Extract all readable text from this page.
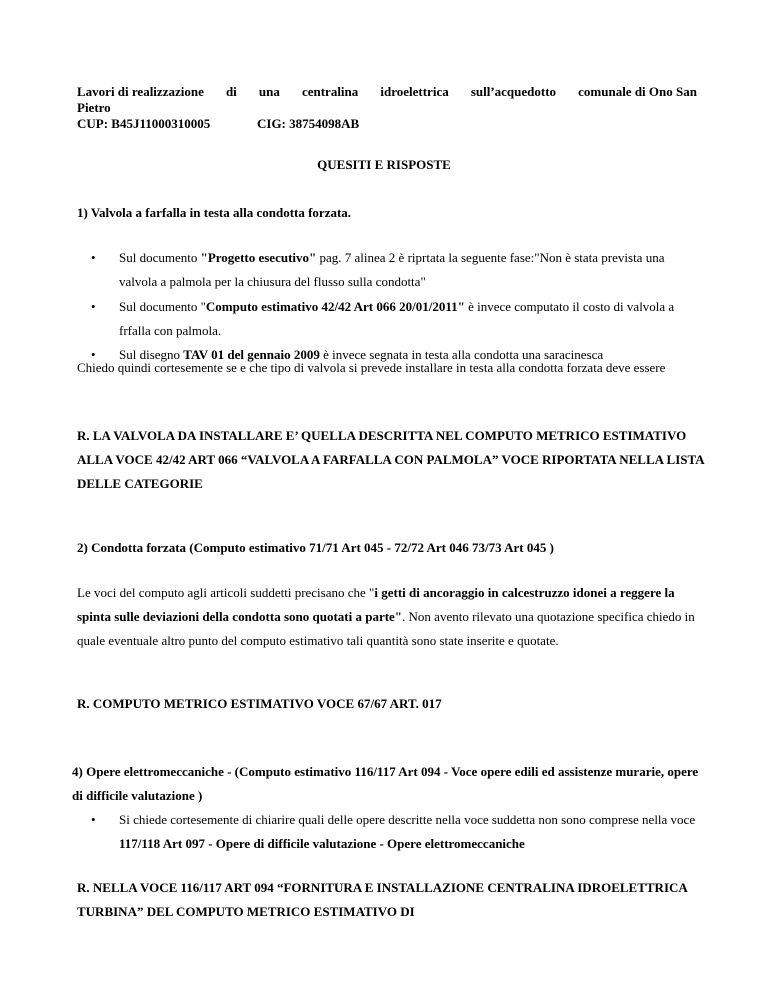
Lavori di realizzazione di una centralina idroelettrica sull’acquedotto comunale di Ono San
Pietro
CUP: B45J11000310005	CIG: 38754098AB
QUESITI E RISPOSTE
1) Valvola a farfalla in testa alla condotta forzata.
• Sul documento "Progetto esecutivo" pag. 7 alinea 2 è riprtata la seguente fase:"Non è stata prevista una valvola a palmola per la chiusura del flusso sulla condotta"
• Sul documento "Computo estimativo 42/42 Art 066 20/01/2011" è invece computato il costo di valvola a frfalla con palmola.
• Sul disegno TAV 01 del gennaio 2009 è invece segnata in testa alla condotta una saracinesca
Chiedo quindi cortesemente se e che tipo di valvola si prevede installare in testa alla condotta forzata deve essere
R. LA VALVOLA DA INSTALLARE E’ QUELLA DESCRITTA NEL COMPUTO METRICO ESTIMATIVO ALLA VOCE 42/42 ART 066 “VALVOLA A FARFALLA CON PALMOLA” VOCE RIPORTATA NELLA LISTA DELLE CATEGORIE
2) Condotta forzata (Computo estimativo 71/71 Art 045 - 72/72 Art 046 73/73 Art 045 )
Le voci del computo agli articoli suddetti precisano che "i getti di ancoraggio in calcestruzzo idonei a reggere la spinta sulle deviazioni della condotta sono quotati a parte". Non avento rilevato una quotazione specifica chiedo in quale eventuale altro punto del computo estimativo tali quantità sono state inserite e quotate.
R. COMPUTO METRICO ESTIMATIVO VOCE 67/67 ART. 017
4) Opere elettromeccaniche - (Computo estimativo 116/117 Art 094 - Voce opere edili ed assistenze murarie, opere di difficile valutazione )
• Si chiede cortesemente di chiarire quali delle opere descritte nella voce suddetta non sono comprese nella voce 117/118 Art 097 - Opere di difficile valutazione - Opere elettromeccaniche
R. NELLA VOCE 116/117 ART 094 “FORNITURA E INSTALLAZIONE CENTRALINA IDROELETTRICA TURBINA” DEL COMPUTO METRICO ESTIMATIVO DI
